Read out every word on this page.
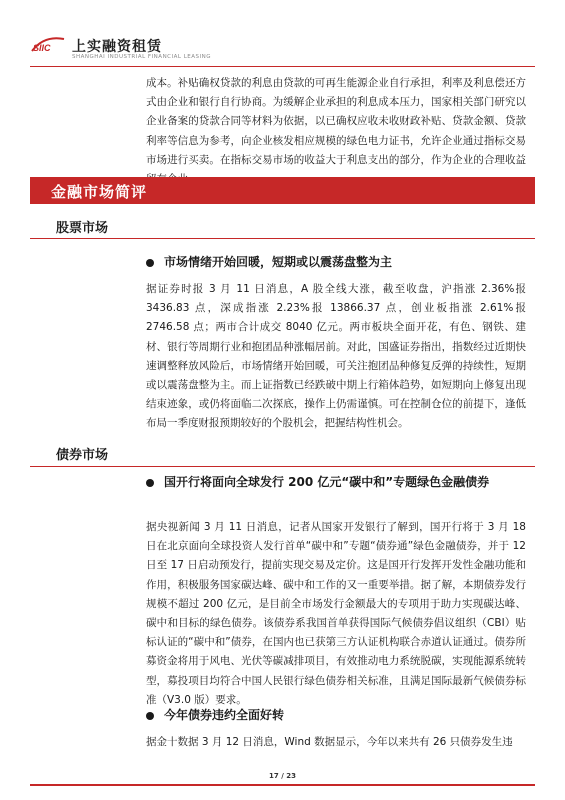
SIIC 上实融资租赁
SHANGHAI INDUSTRIAL FINANCIAL LEASING

成本。补贴确权贷款的利息由贷款的可再生能源企业自行承担，利率及利息偿还方式由企业和银行自行协商。为缓解企业承担的利息成本压力，国家相关部门研究以企业备案的贷款合同等材料为依据，以已确权应收未收财政补贴、贷款金额、贷款利率等信息为参考，向企业核发相应规模的绿色电力证书，允许企业通过指标交易市场进行买卖。在指标交易市场的收益大于利息支出的部分，作为企业的合理收益

金融市场简评
股票市场

市场情绪开始回暖，短期或以震荡盘整为主

据证券时报 3 月 11 日消息，A 股全线大涨，截至收盘，沪指涨 2.36%报 3436.83 点，深成指涨 2.23%报 13866.37 点，创业板指涨 2.61%报 2746.58 点；两市合计成交 8040 亿元。两市板块全面开花，有色、钢铁、建材、银行等周期行业和抱团品种涨幅居前。对此，国盛证券指出，指数经过近期快速调整释放风险后，市场情绪开始回暖，可关注抱团品种修复反弹的持续性，短期或以震荡盘整为主。而上证指数已经跌破中期上行箱体趋势，如短期向上修复出现结束迹象，或仍将面临二次探底，操作上仍需谨慎。可在控制仓位的前提下，逢低布局一季度财报预期较好的个股机会，把握结构性机会。

债券市场

国开行将面向全球发行 200 亿元“碳中和”专题绿色金融债券

据央视新闻 3 月 11 日消息，记者从国家开发银行了解到，国开行将于 3 月 18 日在北京面向全球投资人发行首单“碳中和”专题“债券通”绿色金融债券，并于 12 日至 17 日启动预发行，提前实现交易及定价。这是国开行发挥开发性金融功能和作用，积极服务国家碳达峰、碳中和工作的又一重要举措。据了解，本期债券发行规模不超过 200 亿元，是目前全市场发行金额最大的专项用于助力实现碳达峰、碳中和目标的绿色债券。该债券系我国首单获得国际气候债券倡议组织（CBI）贴标认证的“碳中和”债券，在国内也已获第三方认证机构联合赤道认证通过。债券所募资金将用于风电、光伏等碳减排项目，有效推动电力系统脱碳，实现能源系统转型，募投项目均符合中国人民银行绿色债券相关标准，且满足国际最新气候债券标准（V3.0 版）要求。

今年债券违约全面好转

据金十数据 3 月 12 日消息，Wind 数据显示，今年以来共有 26 只债券发生违

17 / 23
